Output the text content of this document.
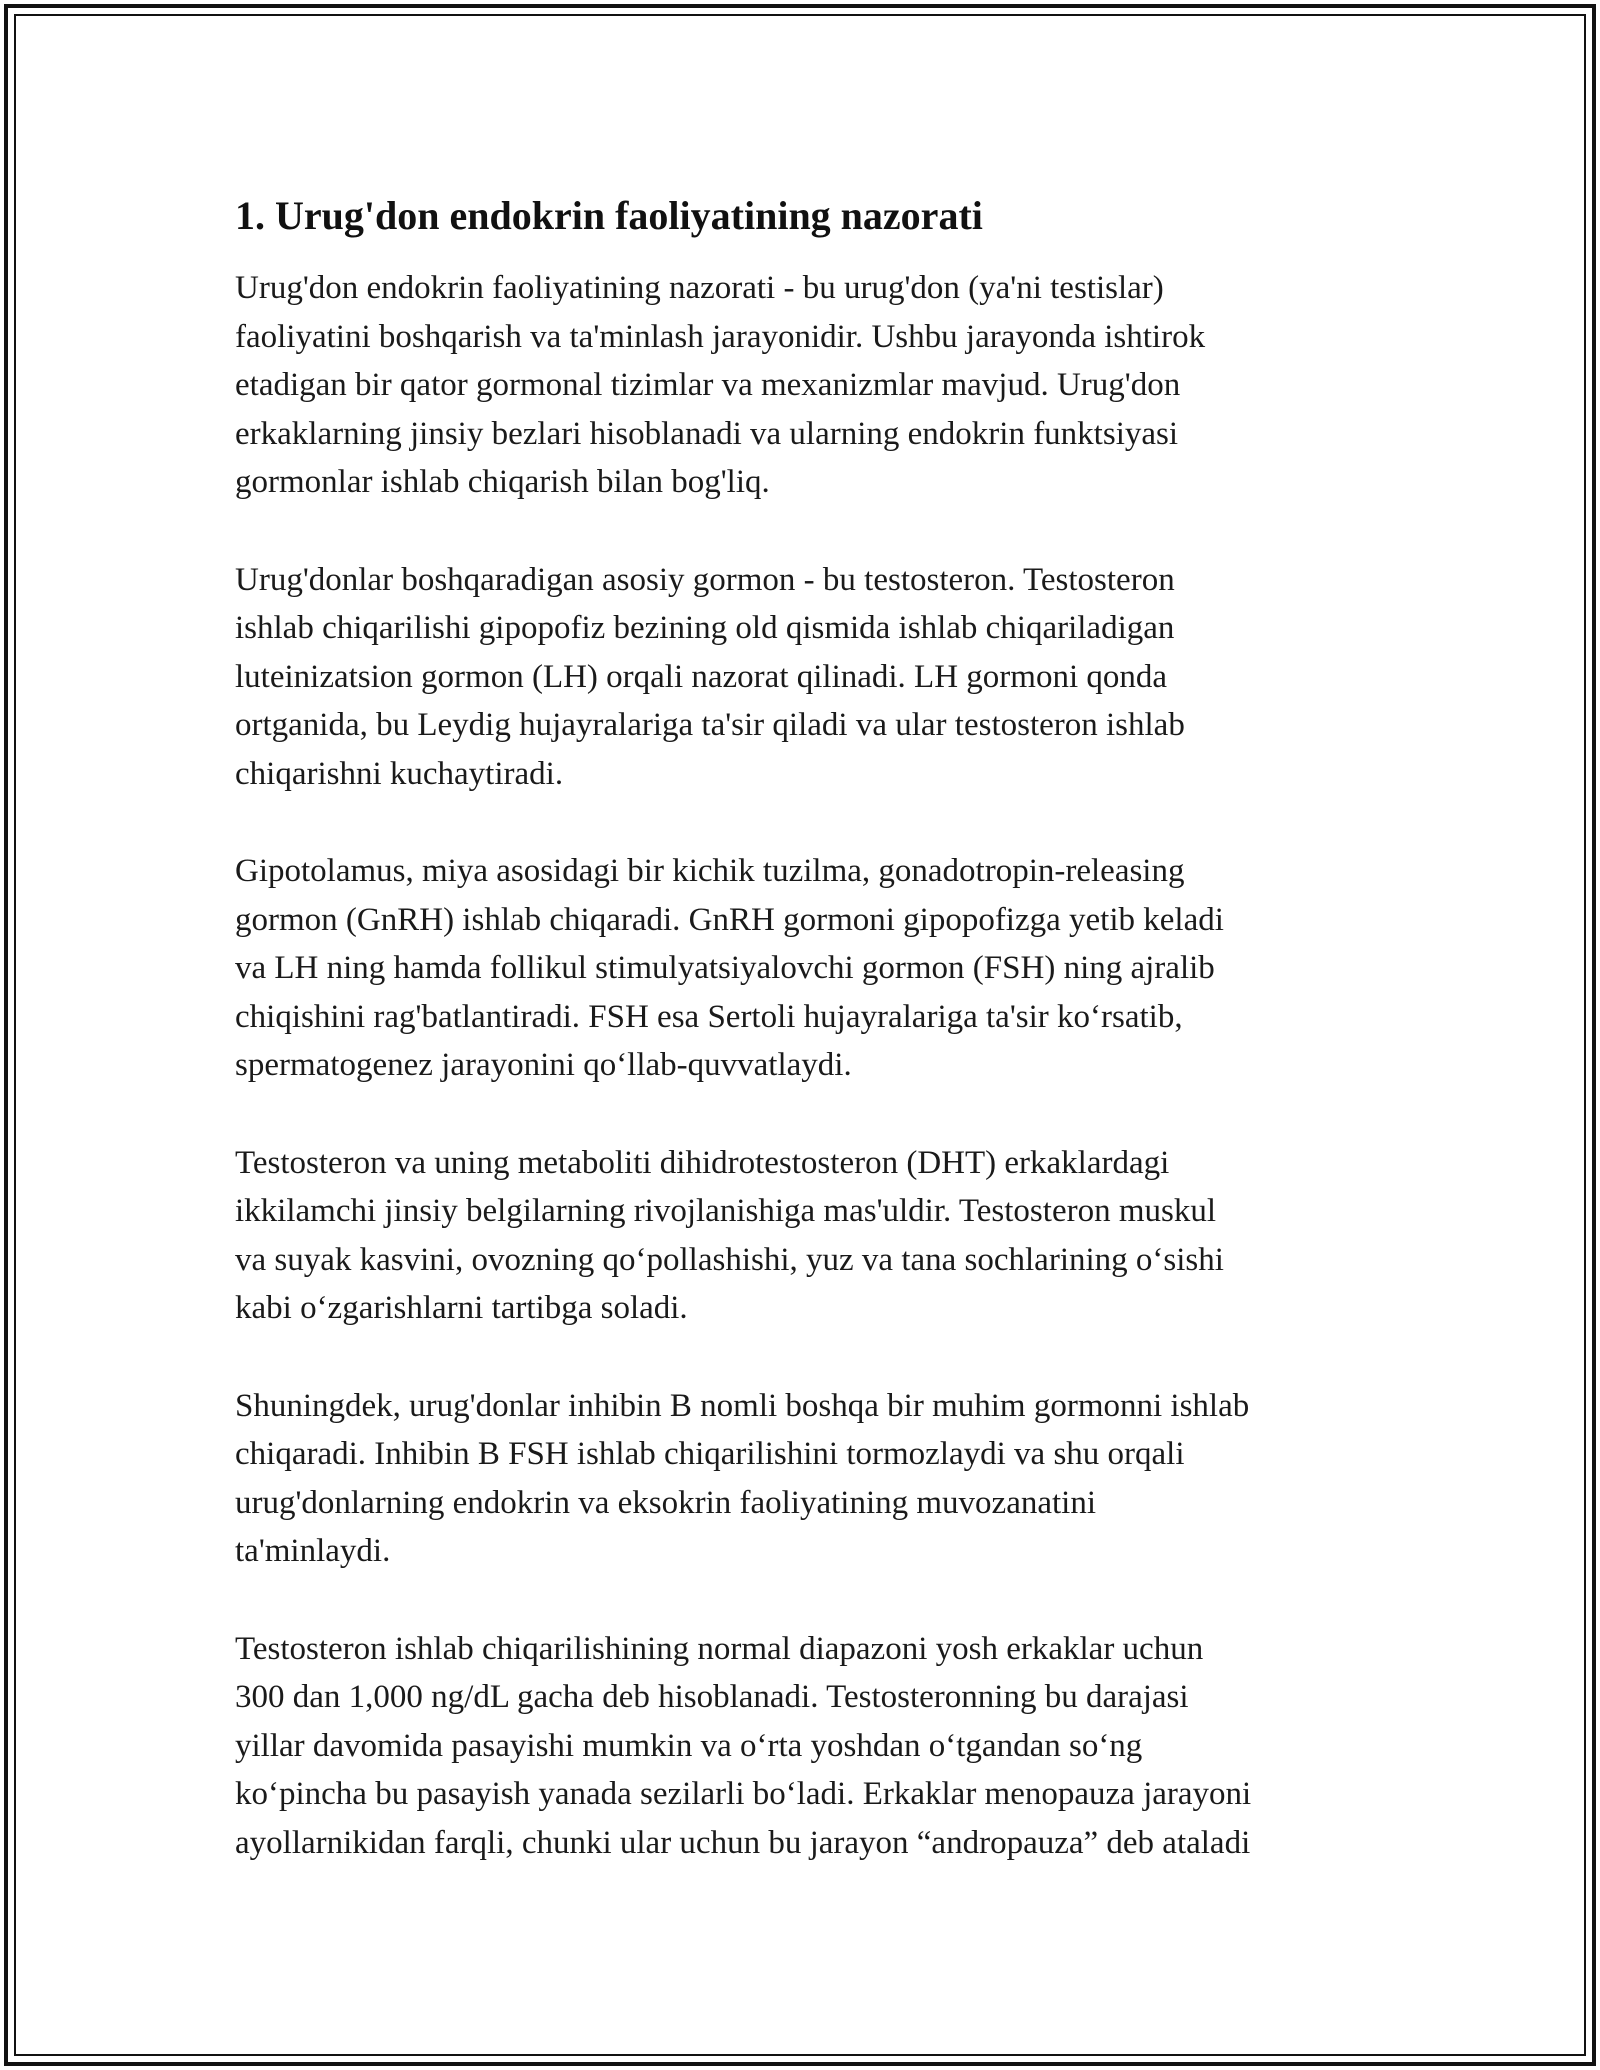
1. Urug'don endokrin faoliyatining nazorati
Urug'don endokrin faoliyatining nazorati - bu urug'don (ya'ni testislar)
faoliyatini boshqarish va ta'minlash jarayonidir. Ushbu jarayonda ishtirok
etadigan bir qator gormonal tizimlar va mexanizmlar mavjud. Urug'don
erkaklarning jinsiy bezlari hisoblanadi va ularning endokrin funktsiyasi
gormonlar ishlab chiqarish bilan bog'liq.
Urug'donlar boshqaradigan asosiy gormon - bu testosteron. Testosteron
ishlab chiqarilishi gipopofiz bezining old qismida ishlab chiqariladigan
luteinizatsion gormon (LH) orqali nazorat qilinadi. LH gormoni qonda
ortganida, bu Leydig hujayralariga ta'sir qiladi va ular testosteron ishlab
chiqarishni kuchaytiradi.
Gipotolamus, miya asosidagi bir kichik tuzilma, gonadotropin-releasing
gormon (GnRH) ishlab chiqaradi. GnRH gormoni gipopofizga yetib keladi
va LH ning hamda follikul stimulyatsiyalovchi gormon (FSH) ning ajralib
chiqishini rag'batlantiradi. FSH esa Sertoli hujayralariga ta'sir ko‘rsatib,
spermatogenez jarayonini qo‘llab-quvvatlaydi.
Testosteron va uning metaboliti dihidrotestosteron (DHT) erkaklardagi
ikkilamchi jinsiy belgilarning rivojlanishiga mas'uldir. Testosteron muskul
va suyak kasvini, ovozning qo‘pollashishi, yuz va tana sochlarining o‘sishi
kabi o‘zgarishlarni tartibga soladi.
Shuningdek, urug'donlar inhibin B nomli boshqa bir muhim gormonni ishlab
chiqaradi. Inhibin B FSH ishlab chiqarilishini tormozlaydi va shu orqali
urug'donlarning endokrin va eksokrin faoliyatining muvozanatini
ta'minlaydi.
Testosteron ishlab chiqarilishining normal diapazoni yosh erkaklar uchun
300 dan 1,000 ng/dL gacha deb hisoblanadi. Testosteronning bu darajasi
yillar davomida pasayishi mumkin va o‘rta yoshdan o‘tgandan so‘ng
ko‘pincha bu pasayish yanada sezilarli bo‘ladi. Erkaklar menopauza jarayoni
ayollarnikidan farqli, chunki ular uchun bu jarayon “andropauza” deb ataladi
